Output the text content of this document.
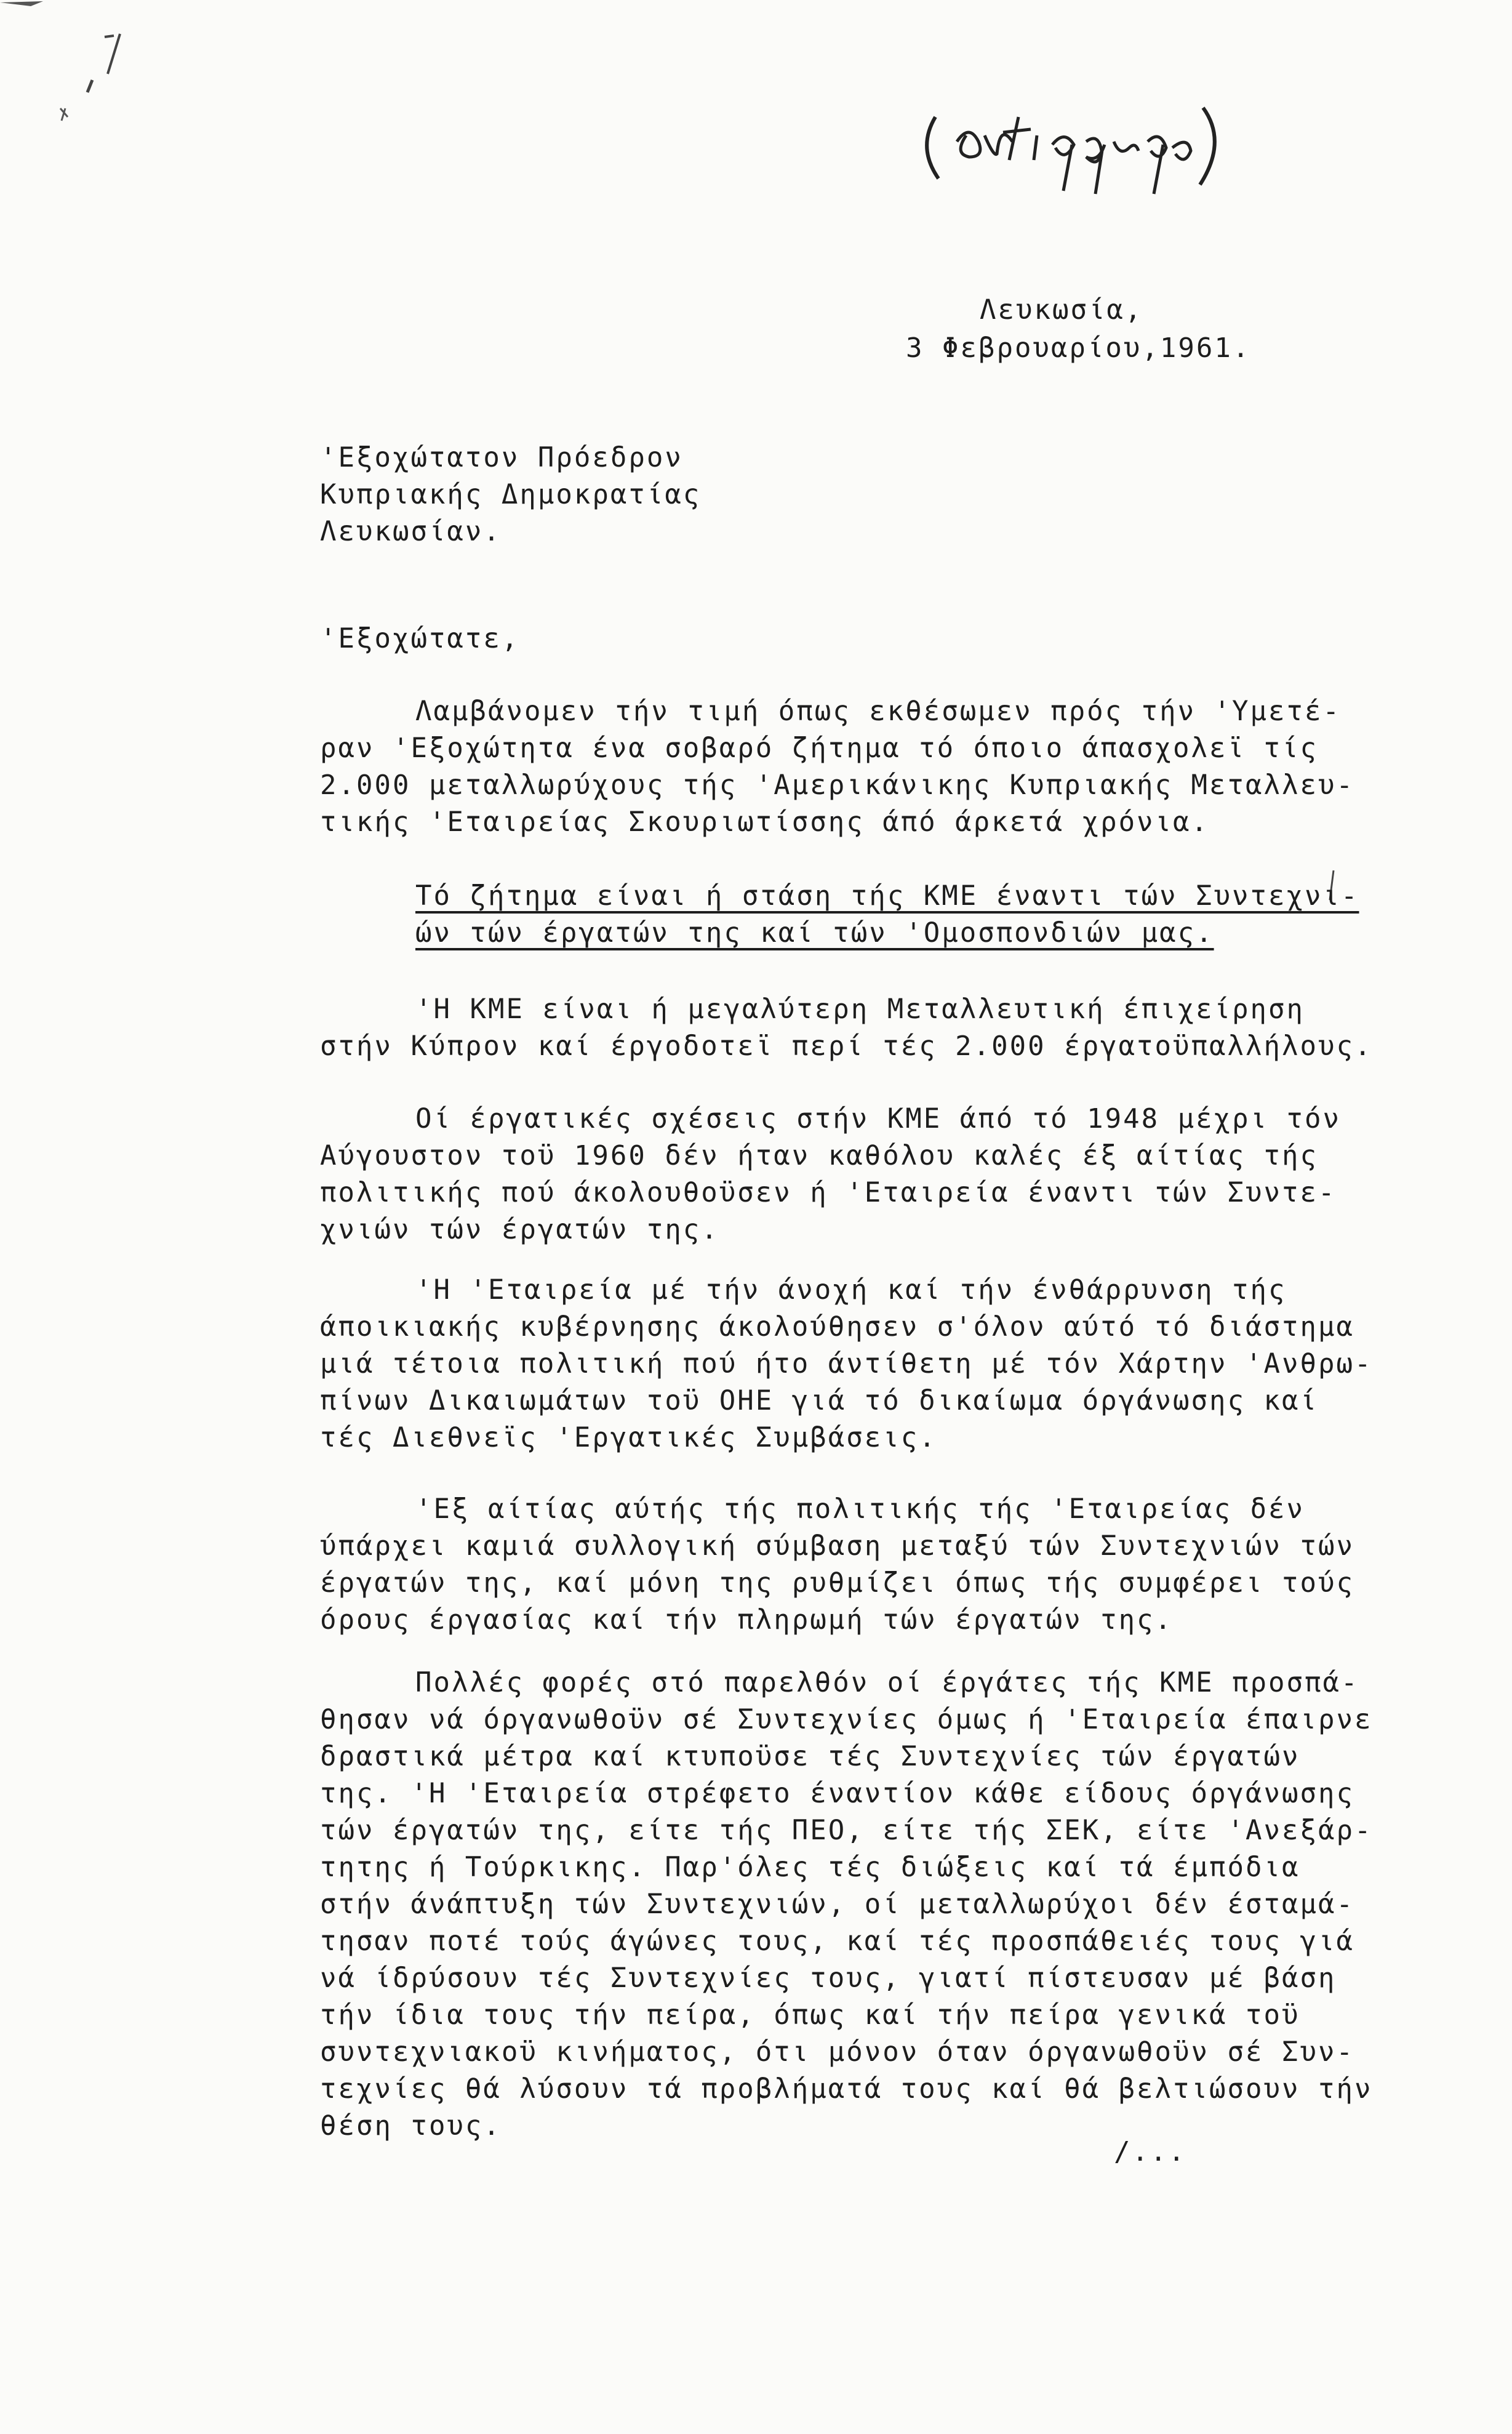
Λευκωσία,
3 Φεβρουαρίου,1961.
'Εξοχώτατον Πρόεδρον
Κυπριακής Δημοκρατίας
Λευκωσίαν.
'Εξοχώτατε,
Λαμβάνομεν τήν τιμή όπως εκθέσωμεν πρός τήν 'Υμετέ-
ραν 'Εξοχώτητα ένα σοβαρό ζήτημα τό όποιο άπασχολεϊ τίς
2.000 μεταλλωρύχους τής 'Αμερικάνικης Κυπριακής Μεταλλευ-
τικής 'Εταιρείας Σκουριωτίσσης άπό άρκετά χρόνια.
Τό ζήτημα είναι ή στάση τής ΚΜΕ έναντι τών Συντεχνι-
ών τών έργατών της καί τών 'Ομοσπονδιών μας.
'Η ΚΜΕ είναι ή μεγαλύτερη Μεταλλευτική έπιχείρηση
στήν Κύπρον καί έργοδοτεϊ περί τές 2.000 έργατοϋπαλλήλους.
Οί έργατικές σχέσεις στήν ΚΜΕ άπό τό 1948 μέχρι τόν
Αύγουστον τοϋ 1960 δέν ήταν καθόλου καλές έξ αίτίας τής
πολιτικής πού άκολουθοϋσεν ή 'Εταιρεία έναντι τών Συντε-
χνιών τών έργατών της.
'Η 'Εταιρεία μέ τήν άνοχή καί τήν ένθάρρυνση τής
άποικιακής κυβέρνησης άκολούθησεν σ'όλον αύτό τό διάστημα
μιά τέτοια πολιτική πού ήτο άντίθετη μέ τόν Χάρτην 'Ανθρω-
πίνων Δικαιωμάτων τοϋ ΟΗΕ γιά τό δικαίωμα όργάνωσης καί
τές Διεθνεϊς 'Εργατικές Συμβάσεις.
'Εξ αίτίας αύτής τής πολιτικής τής 'Εταιρείας δέν
ύπάρχει καμιά συλλογική σύμβαση μεταξύ τών Συντεχνιών τών
έργατών της, καί μόνη της ρυθμίζει όπως τής συμφέρει τούς
όρους έργασίας καί τήν πληρωμή τών έργατών της.
Πολλές φορές στό παρελθόν οί έργάτες τής ΚΜΕ προσπά-
θησαν νά όργανωθοϋν σέ Συντεχνίες όμως ή 'Εταιρεία έπαιρνε
δραστικά μέτρα καί κτυποϋσε τές Συντεχνίες τών έργατών
της. 'Η 'Εταιρεία στρέφετο έναντίον κάθε είδους όργάνωσης
τών έργατών της, είτε τής ΠΕΟ, είτε τής ΣΕΚ, είτε 'Ανεξάρ-
τητης ή Τούρκικης. Παρ'όλες τές διώξεις καί τά έμπόδια
στήν άνάπτυξη τών Συντεχνιών, οί μεταλλωρύχοι δέν έσταμά-
τησαν ποτέ τούς άγώνες τους, καί τές προσπάθειές τους γιά
νά ίδρύσουν τές Συντεχνίες τους, γιατί πίστευσαν μέ βάση
τήν ίδια τους τήν πείρα, όπως καί τήν πείρα γενικά τοϋ
συντεχνιακοϋ κινήματος, ότι μόνον όταν όργανωθοϋν σέ Συν-
τεχνίες θά λύσουν τά προβλήματά τους καί θά βελτιώσουν τήν
θέση τους.
/...
